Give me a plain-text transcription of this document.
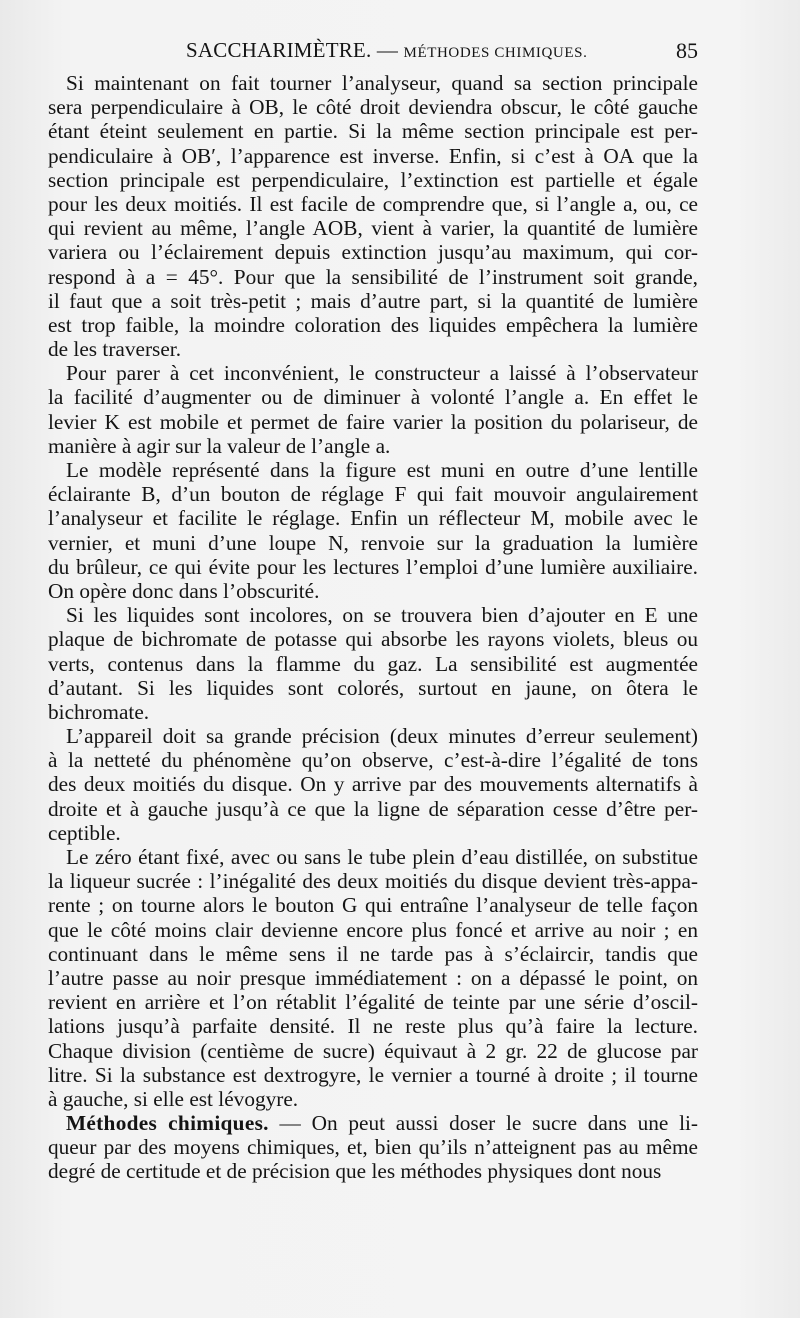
SACCHARIMÈTRE. — MÉTHODES CHIMIQUES.	85
Si maintenant on fait tourner l’analyseur, quand sa section principale
sera perpendiculaire à OB, le côté droit deviendra obscur, le côté gauche
étant éteint seulement en partie. Si la même section principale est per-
pendiculaire à OB′, l’apparence est inverse. Enfin, si c’est à OA que la
section principale est perpendiculaire, l’extinction est partielle et égale
pour les deux moitiés. Il est facile de comprendre que, si l’angle a, ou, ce
qui revient au même, l’angle AOB, vient à varier, la quantité de lumière
variera ou l’éclairement depuis extinction jusqu’au maximum, qui cor-
respond à a = 45°. Pour que la sensibilité de l’instrument soit grande,
il faut que a soit très-petit ; mais d’autre part, si la quantité de lumière
est trop faible, la moindre coloration des liquides empêchera la lumière
de les traverser.
Pour parer à cet inconvénient, le constructeur a laissé à l’observateur
la facilité d’augmenter ou de diminuer à volonté l’angle a. En effet le
levier K est mobile et permet de faire varier la position du polariseur, de
manière à agir sur la valeur de l’angle a.
Le modèle représenté dans la figure est muni en outre d’une lentille
éclairante B, d’un bouton de réglage F qui fait mouvoir angulairement
l’analyseur et facilite le réglage. Enfin un réflecteur M, mobile avec le
vernier, et muni d’une loupe N, renvoie sur la graduation la lumière
du brûleur, ce qui évite pour les lectures l’emploi d’une lumière auxiliaire.
On opère donc dans l’obscurité.
Si les liquides sont incolores, on se trouvera bien d’ajouter en E une
plaque de bichromate de potasse qui absorbe les rayons violets, bleus ou
verts, contenus dans la flamme du gaz. La sensibilité est augmentée
d’autant. Si les liquides sont colorés, surtout en jaune, on ôtera le
bichromate.
L’appareil doit sa grande précision (deux minutes d’erreur seulement)
à la netteté du phénomène qu’on observe, c’est-à-dire l’égalité de tons
des deux moitiés du disque. On y arrive par des mouvements alternatifs à
droite et à gauche jusqu’à ce que la ligne de séparation cesse d’être per-
ceptible.
Le zéro étant fixé, avec ou sans le tube plein d’eau distillée, on substitue
la liqueur sucrée : l’inégalité des deux moitiés du disque devient très-appa-
rente ; on tourne alors le bouton G qui entraîne l’analyseur de telle façon
que le côté moins clair devienne encore plus foncé et arrive au noir ; en
continuant dans le même sens il ne tarde pas à s’éclaircir, tandis que
l’autre passe au noir presque immédiatement : on a dépassé le point, on
revient en arrière et l’on rétablit l’égalité de teinte par une série d’oscil-
lations jusqu’à parfaite densité. Il ne reste plus qu’à faire la lecture.
Chaque division (centième de sucre) équivaut à 2 gr. 22 de glucose par
litre. Si la substance est dextrogyre, le vernier a tourné à droite ; il tourne
à gauche, si elle est lévogyre.
Méthodes chimiques. — On peut aussi doser le sucre dans une li-
queur par des moyens chimiques, et, bien qu’ils n’atteignent pas au même
degré de certitude et de précision que les méthodes physiques dont nous
